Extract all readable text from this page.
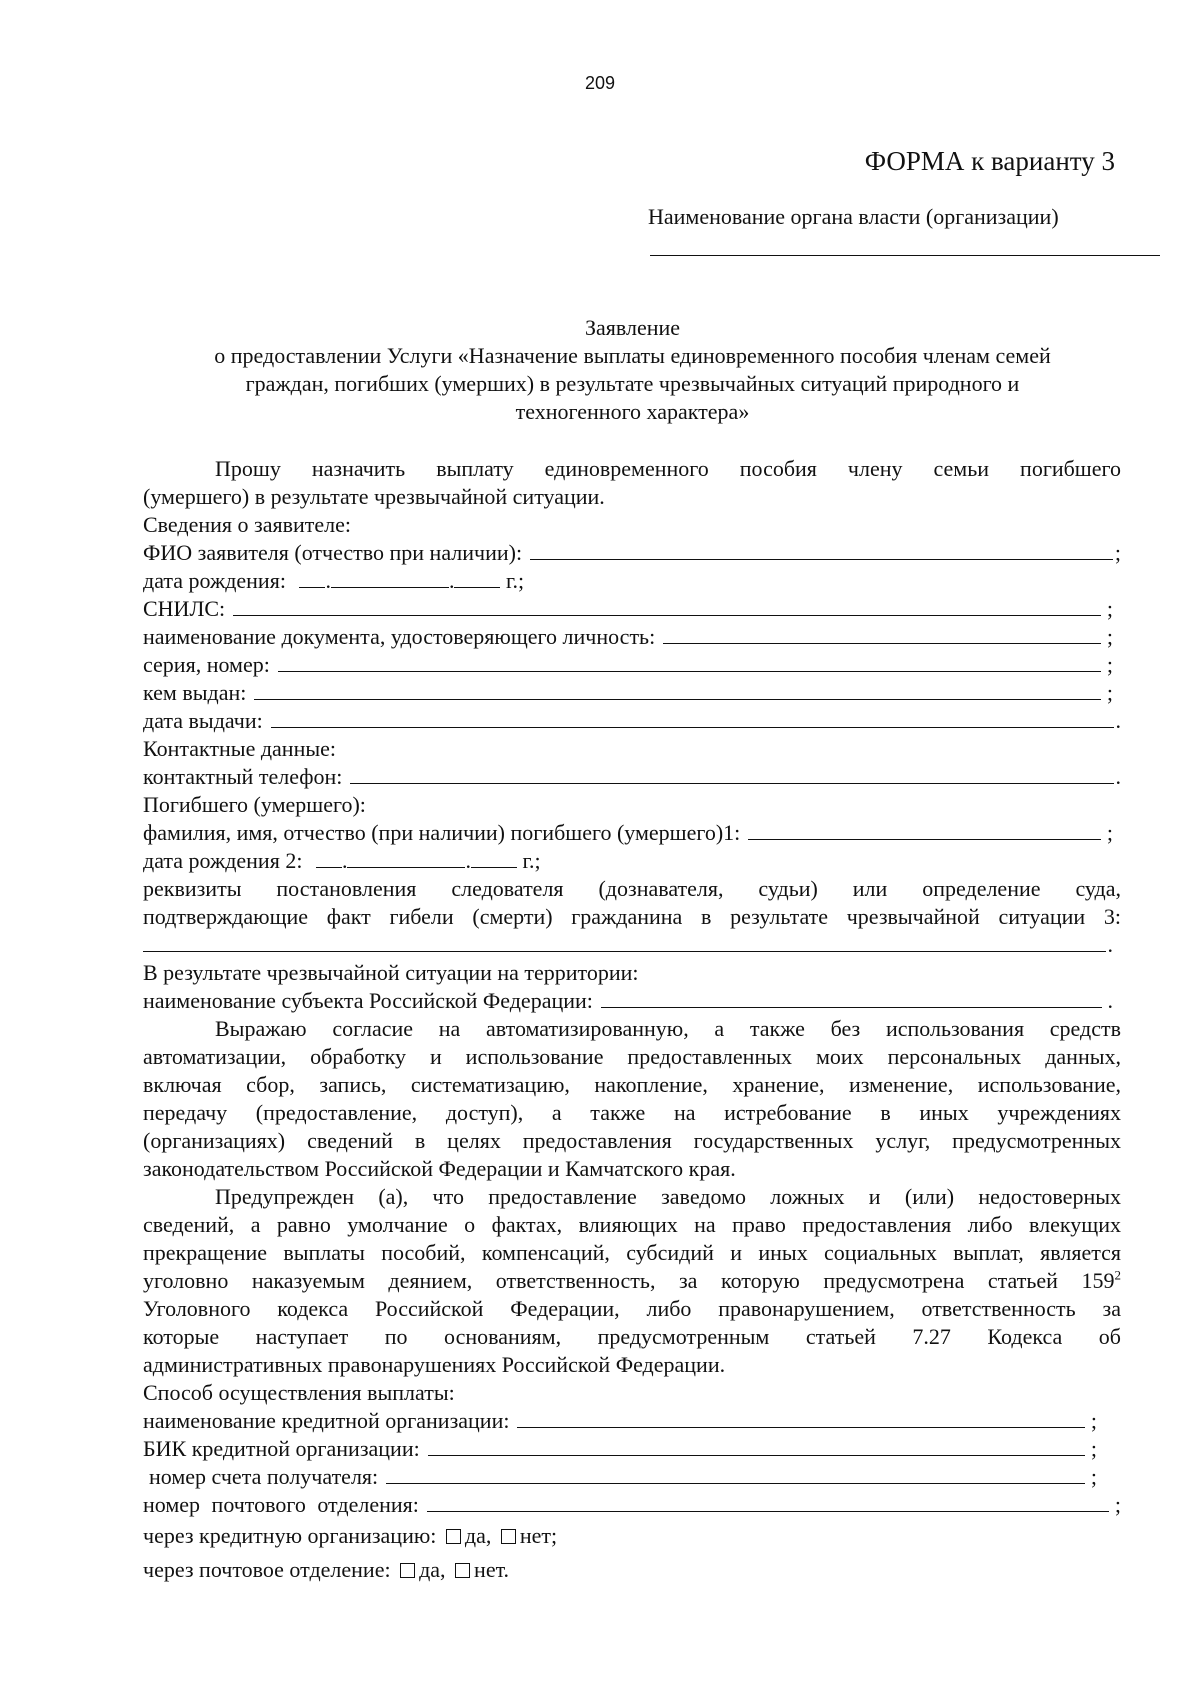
209
ФОРМА к варианту 3
Наименование органа власти (организации)
Заявление
о предоставлении Услуги «Назначение выплаты единовременного пособия членам семей
граждан, погибших (умерших) в результате чрезвычайных ситуаций природного и
техногенного характера»
Прошу назначить выплату единовременного пособия члену семьи погибшего
(умершего) в результате чрезвычайной ситуации.
Сведения о заявителе:
ФИО заявителя (отчество при наличии):	;
дата рождения: .	. г.;
СНИЛС:	;
наименование документа, удостоверяющего личность:	;
серия, номер:	;
кем выдан:	;
дата выдачи:	.
Контактные данные:
контактный телефон:	.
Погибшего (умершего):
фамилия, имя, отчество (при наличии) погибшего (умершего)1:	;
дата рождения 2: .	. г.;
реквизиты постановления следователя (дознавателя, судьи) или определение суда,
подтверждающие факт гибели (смерти) гражданина в результате чрезвычайной ситуации 3:
.
В результате чрезвычайной ситуации на территории:
наименование субъекта Российской Федерации:	.
Выражаю согласие на автоматизированную, а также без использования средств
автоматизации, обработку и использование предоставленных моих персональных данных,
включая сбор, запись, систематизацию, накопление, хранение, изменение, использование,
передачу (предоставление, доступ), а также на истребование в иных учреждениях
(организациях) сведений в целях предоставления государственных услуг, предусмотренных
законодательством Российской Федерации и Камчатского края.
Предупрежден (а), что предоставление заведомо ложных и (или) недостоверных
сведений, а равно умолчание о фактах, влияющих на право предоставления либо влекущих
прекращение выплаты пособий, компенсаций, субсидий и иных социальных выплат, является
уголовно наказуемым деянием, ответственность, за которую предусмотрена статьей $159^2$
Уголовного кодекса Российской Федерации, либо правонарушением, ответственность за
которые наступает по основаниям, предусмотренным статьей 7.27 Кодекса об
административных правонарушениях Российской Федерации.
Способ осуществления выплаты:
наименование кредитной организации:	;
БИК кредитной организации:	;
номер счета получателя:	;
номер почтового отделения:	;
через кредитную организацию: да, нет;
через почтовое отделение: да, нет.
